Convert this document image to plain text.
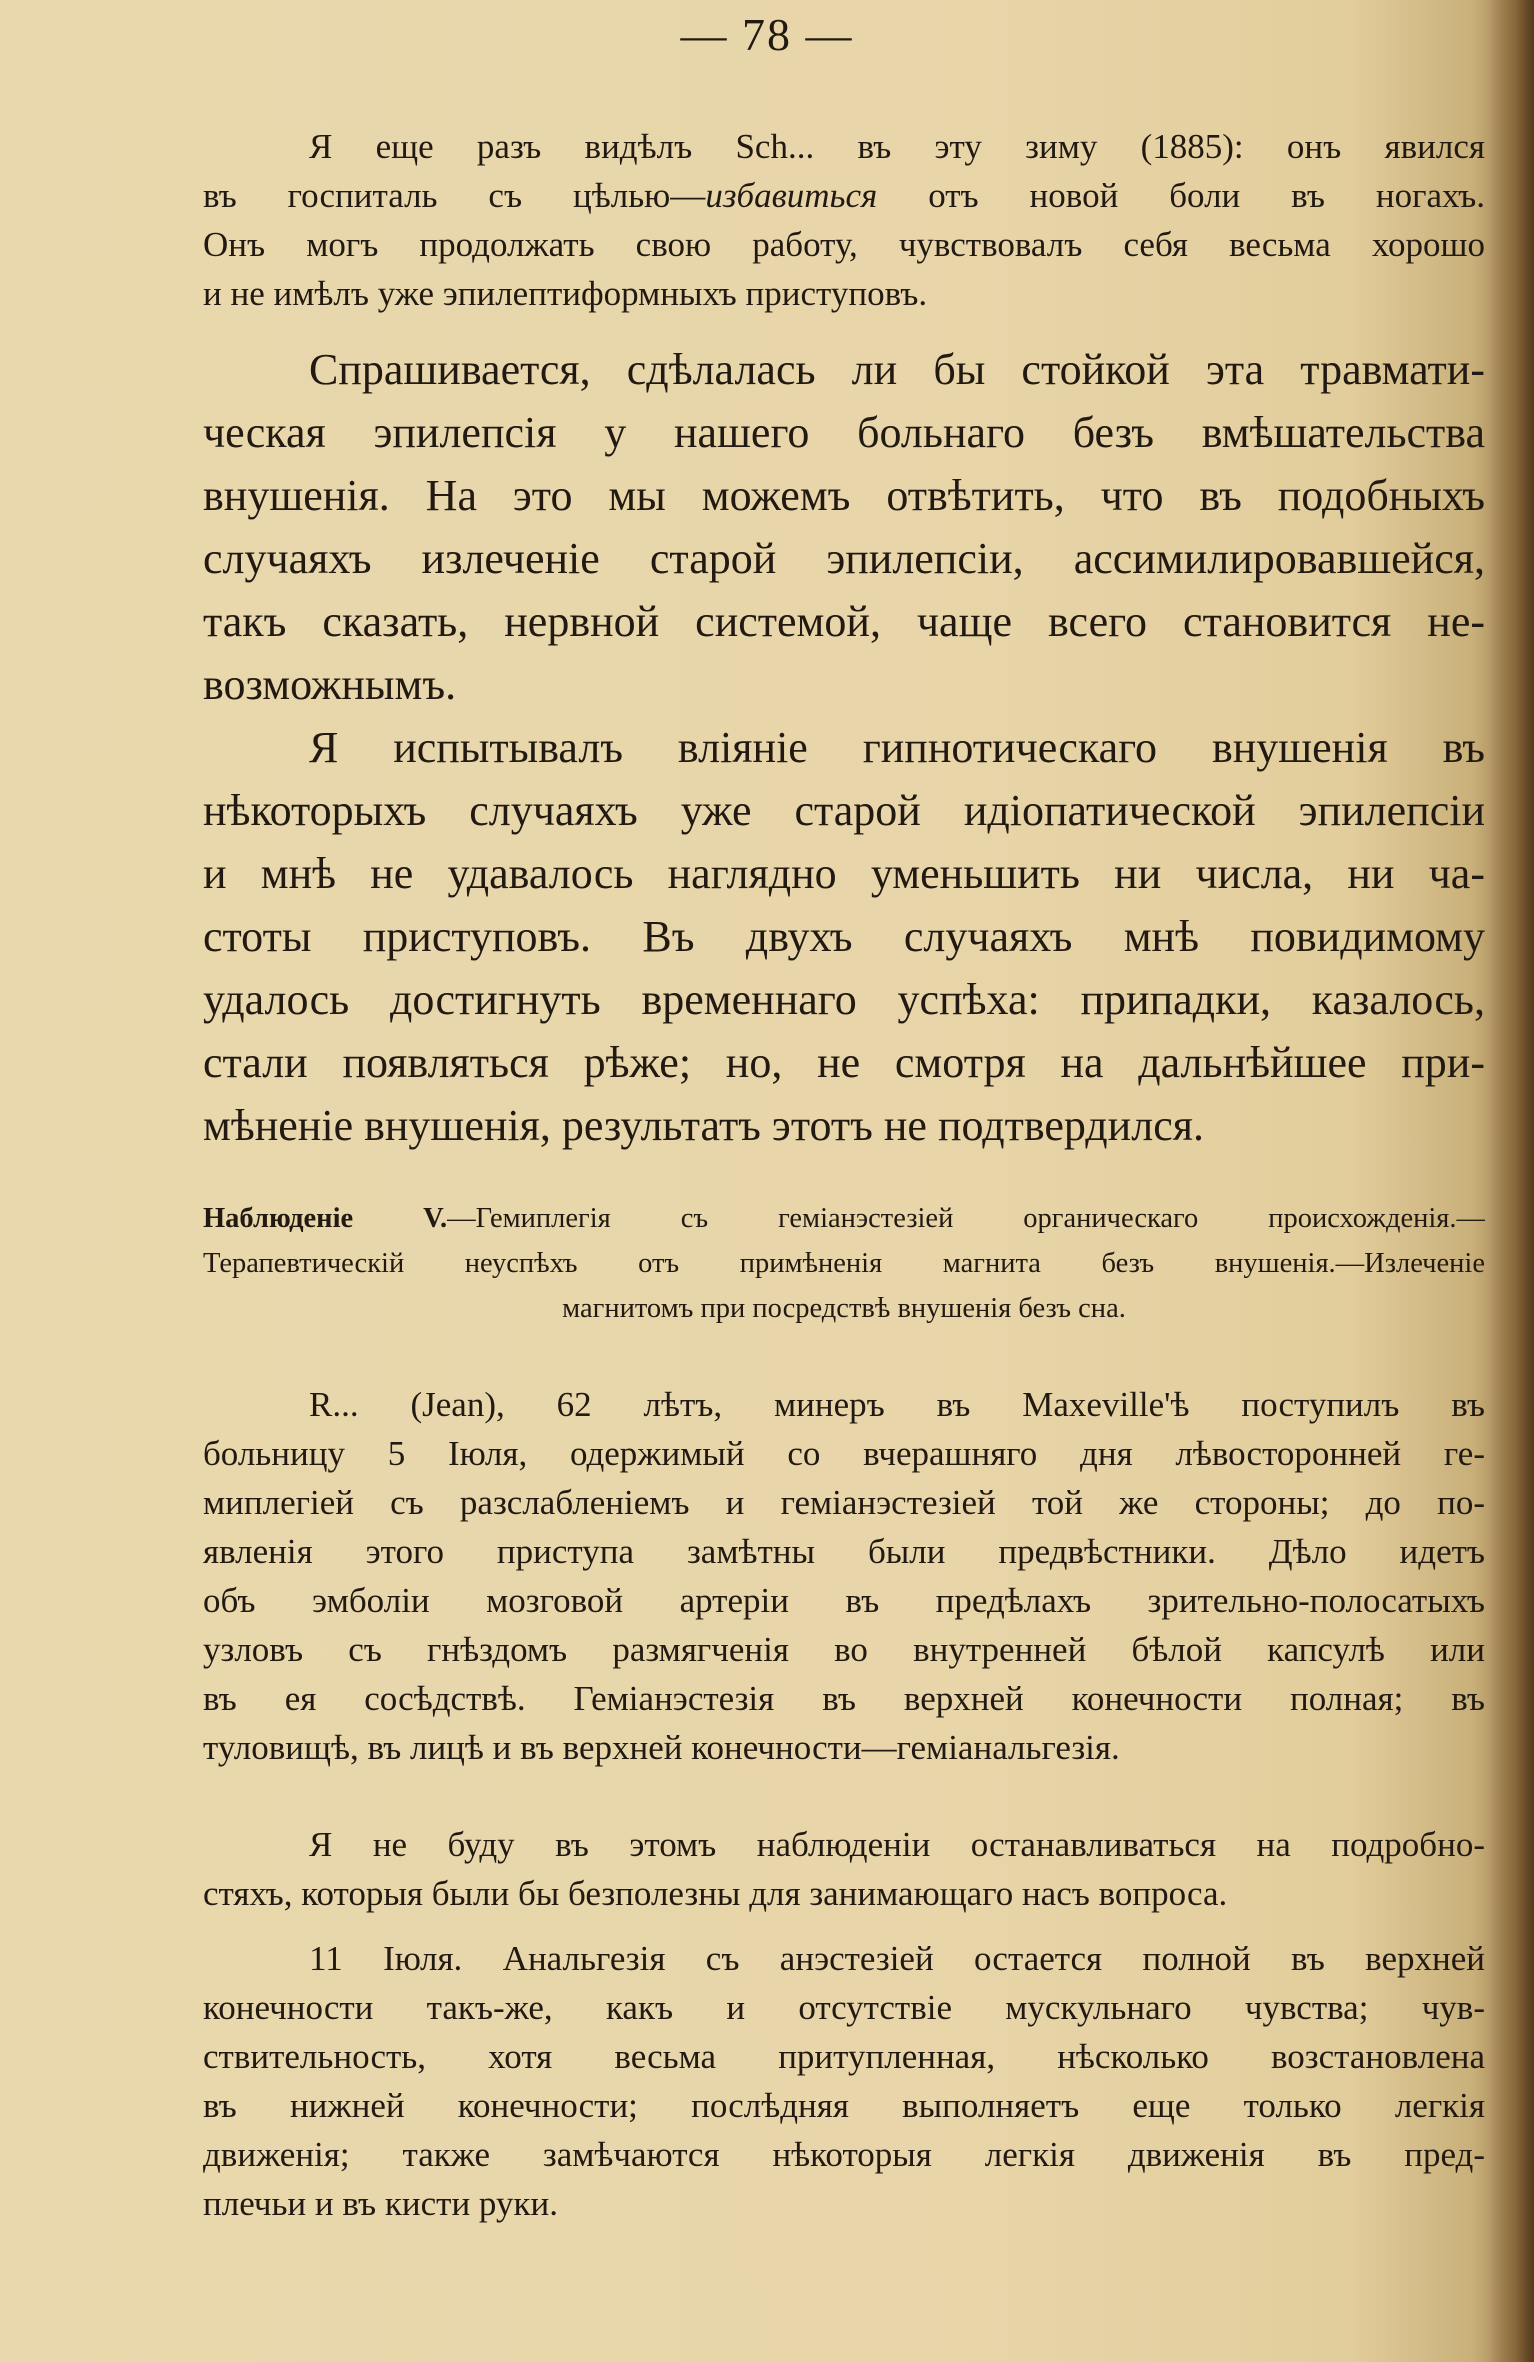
— 78 —
Я еще разъ видѣлъ Sch... въ эту зиму (1885): онъ явился
въ госпиталь съ цѣлью—избавиться отъ новой боли въ ногахъ.
Онъ могъ продолжать свою работу, чувствовалъ себя весьма хорошо
и не имѣлъ уже эпилептиформныхъ приступовъ.
Спрашивается, сдѣлалась ли бы стойкой эта травмати-
ческая эпилепсія у нашего больнаго безъ вмѣшательства
внушенія. На это мы можемъ отвѣтить, что въ подобныхъ
случаяхъ излеченіе старой эпилепсіи, ассимилировавшейся,
такъ сказать, нервной системой, чаще всего становится не-
возможнымъ.
Я испытывалъ вліяніе гипнотическаго внушенія въ
нѣкоторыхъ случаяхъ уже старой идіопатической эпилепсіи
и мнѣ не удавалось наглядно уменьшить ни числа, ни ча-
стоты приступовъ. Въ двухъ случаяхъ мнѣ повидимому
удалось достигнуть временнаго успѣха: припадки, казалось,
стали появляться рѣже; но, не смотря на дальнѣйшее при-
мѣненіе внушенія, результатъ этотъ не подтвердился.
Наблюденіе V.—Гемиплегія съ геміанэстезіей органическаго происхожденія.—
Терапевтическій неуспѣхъ отъ примѣненія магнита безъ внушенія.—Излеченіе
магнитомъ при посредствѣ внушенія безъ сна.
R... (Jean), 62 лѣтъ, минеръ въ Maxeville'ѣ поступилъ въ
больницу 5 Іюля, одержимый со вчерашняго дня лѣвосторонней ге-
миплегіей съ разслабленіемъ и геміанэстезіей той же стороны; до по-
явленія этого приступа замѣтны были предвѣстники. Дѣло идетъ
объ эмболіи мозговой артеріи въ предѣлахъ зрительно-полосатыхъ
узловъ съ гнѣздомъ размягченія во внутренней бѣлой капсулѣ или
въ ея сосѣдствѣ. Геміанэстезія въ верхней конечности полная; въ
туловищѣ, въ лицѣ и въ верхней конечности—геміанальгезія.
Я не буду въ этомъ наблюденіи останавливаться на подробно-
стяхъ, которыя были бы безполезны для занимающаго насъ вопроса.
11 Іюля. Анальгезія съ анэстезіей остается полной въ верхней
конечности такъ-же, какъ и отсутствіе мускульнаго чувства; чув-
ствительность, хотя весьма притупленная, нѣсколько возстановлена
въ нижней конечности; послѣдняя выполняетъ еще только легкія
движенія; также замѣчаются нѣкоторыя легкія движенія въ пред-
плечьи и въ кисти руки.
